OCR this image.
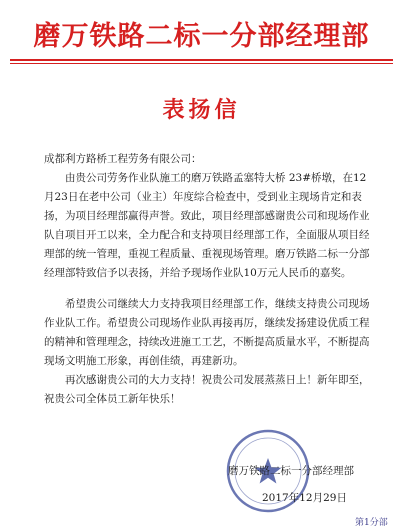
磨万铁路二标一分部经理部
表扬信

成都利方路桥工程劳务有限公司：

由贵公司劳务作业队施工的磨万铁路孟塞特大桥 23#桥墩，在12月23日在老中公司（业主）年度综合检查中，受到业主现场肯定和表扬，为项目经理部赢得声誉。致此，项目经理部感谢贵公司和现场作业队自项目开工以来，全力配合和支持项目经理部工作，全面服从项目经理部的统一管理，重视工程质量、重视现场管理。磨万铁路二标一分部经理部特致信予以表扬，并给予现场作业队10万元人民币的嘉奖。

希望贵公司继续大力支持我项目经理部工作，继续支持贵公司现场作业队工作。希望贵公司现场作业队再接再厉，继续发扬建设优质工程的精神和管理理念，持续改进施工工艺，不断提高质量水平，不断提高现场文明施工形象，再创佳绩，再建新功。

再次感谢贵公司的大力支持！祝贵公司发展蒸蒸日上！新年即至，祝贵公司全体员工新年快乐！

磨万铁路二标一分部经理部
2017年12月29日
第1分部
